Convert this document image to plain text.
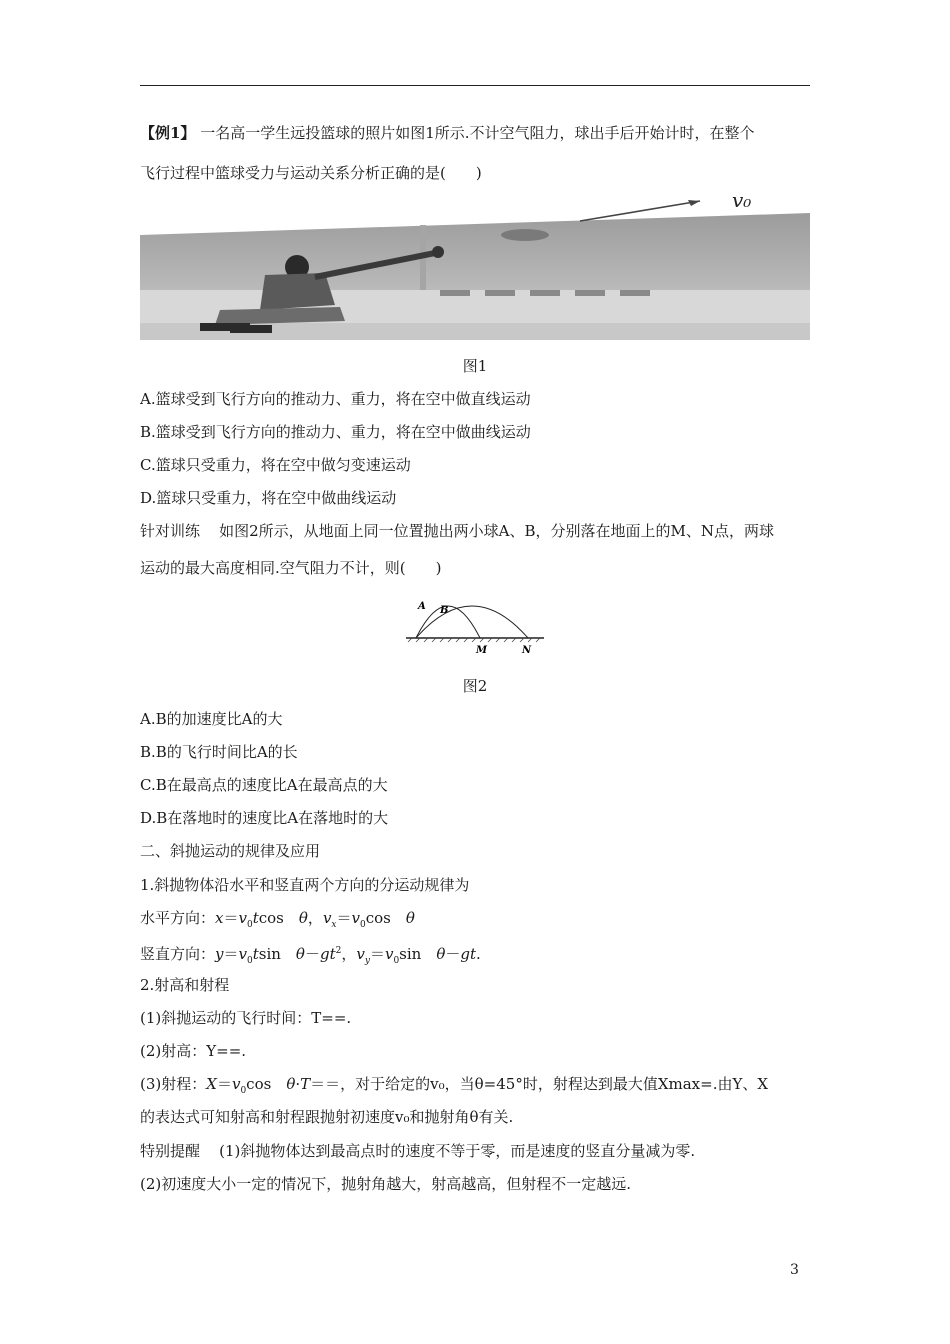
【例1】 一名高一学生远投篮球的照片如图1所示.不计空气阻力，球出手后开始计时，在整个
飞行过程中篮球受力与运动关系分析正确的是(　　)
v₀
图1
A.篮球受到飞行方向的推动力、重力，将在空中做直线运动
B.篮球受到飞行方向的推动力、重力，将在空中做曲线运动
C.篮球只受重力，将在空中做匀变速运动
D.篮球只受重力，将在空中做曲线运动
针对训练 如图2所示，从地面上同一位置抛出两小球A、B，分别落在地面上的M、N点，两球
运动的最大高度相同.空气阻力不计，则(　　)
A B
M	N
图2
A.B的加速度比A的大
B.B的飞行时间比A的长
C.B在最高点的速度比A在最高点的大
D.B在落地时的速度比A在落地时的大
二、斜抛运动的规律及应用
1.斜抛物体沿水平和竖直两个方向的分运动规律为
水平方向：$x=v_0tcos$　θ，$v_x=v_0\cos$　θ
竖直方向：$y=v_0tsin$　$\theta-gt^2$，$v_y=v_0\sin$　θ－gt.
2.射高和射程
(1)斜抛运动的飞行时间：T==.
(2)射高：Y==.
(3)射程：$X=v_0\cos$　θ·T＝＝，对于给定的v₀，当θ=45°时，射程达到最大值Xmax=.由Y、X
的表达式可知射高和射程跟抛射初速度v₀和抛射角θ有关.
特别提醒 (1)斜抛物体达到最高点时的速度不等于零，而是速度的竖直分量减为零.
(2)初速度大小一定的情况下，抛射角越大，射高越高，但射程不一定越远.
3
